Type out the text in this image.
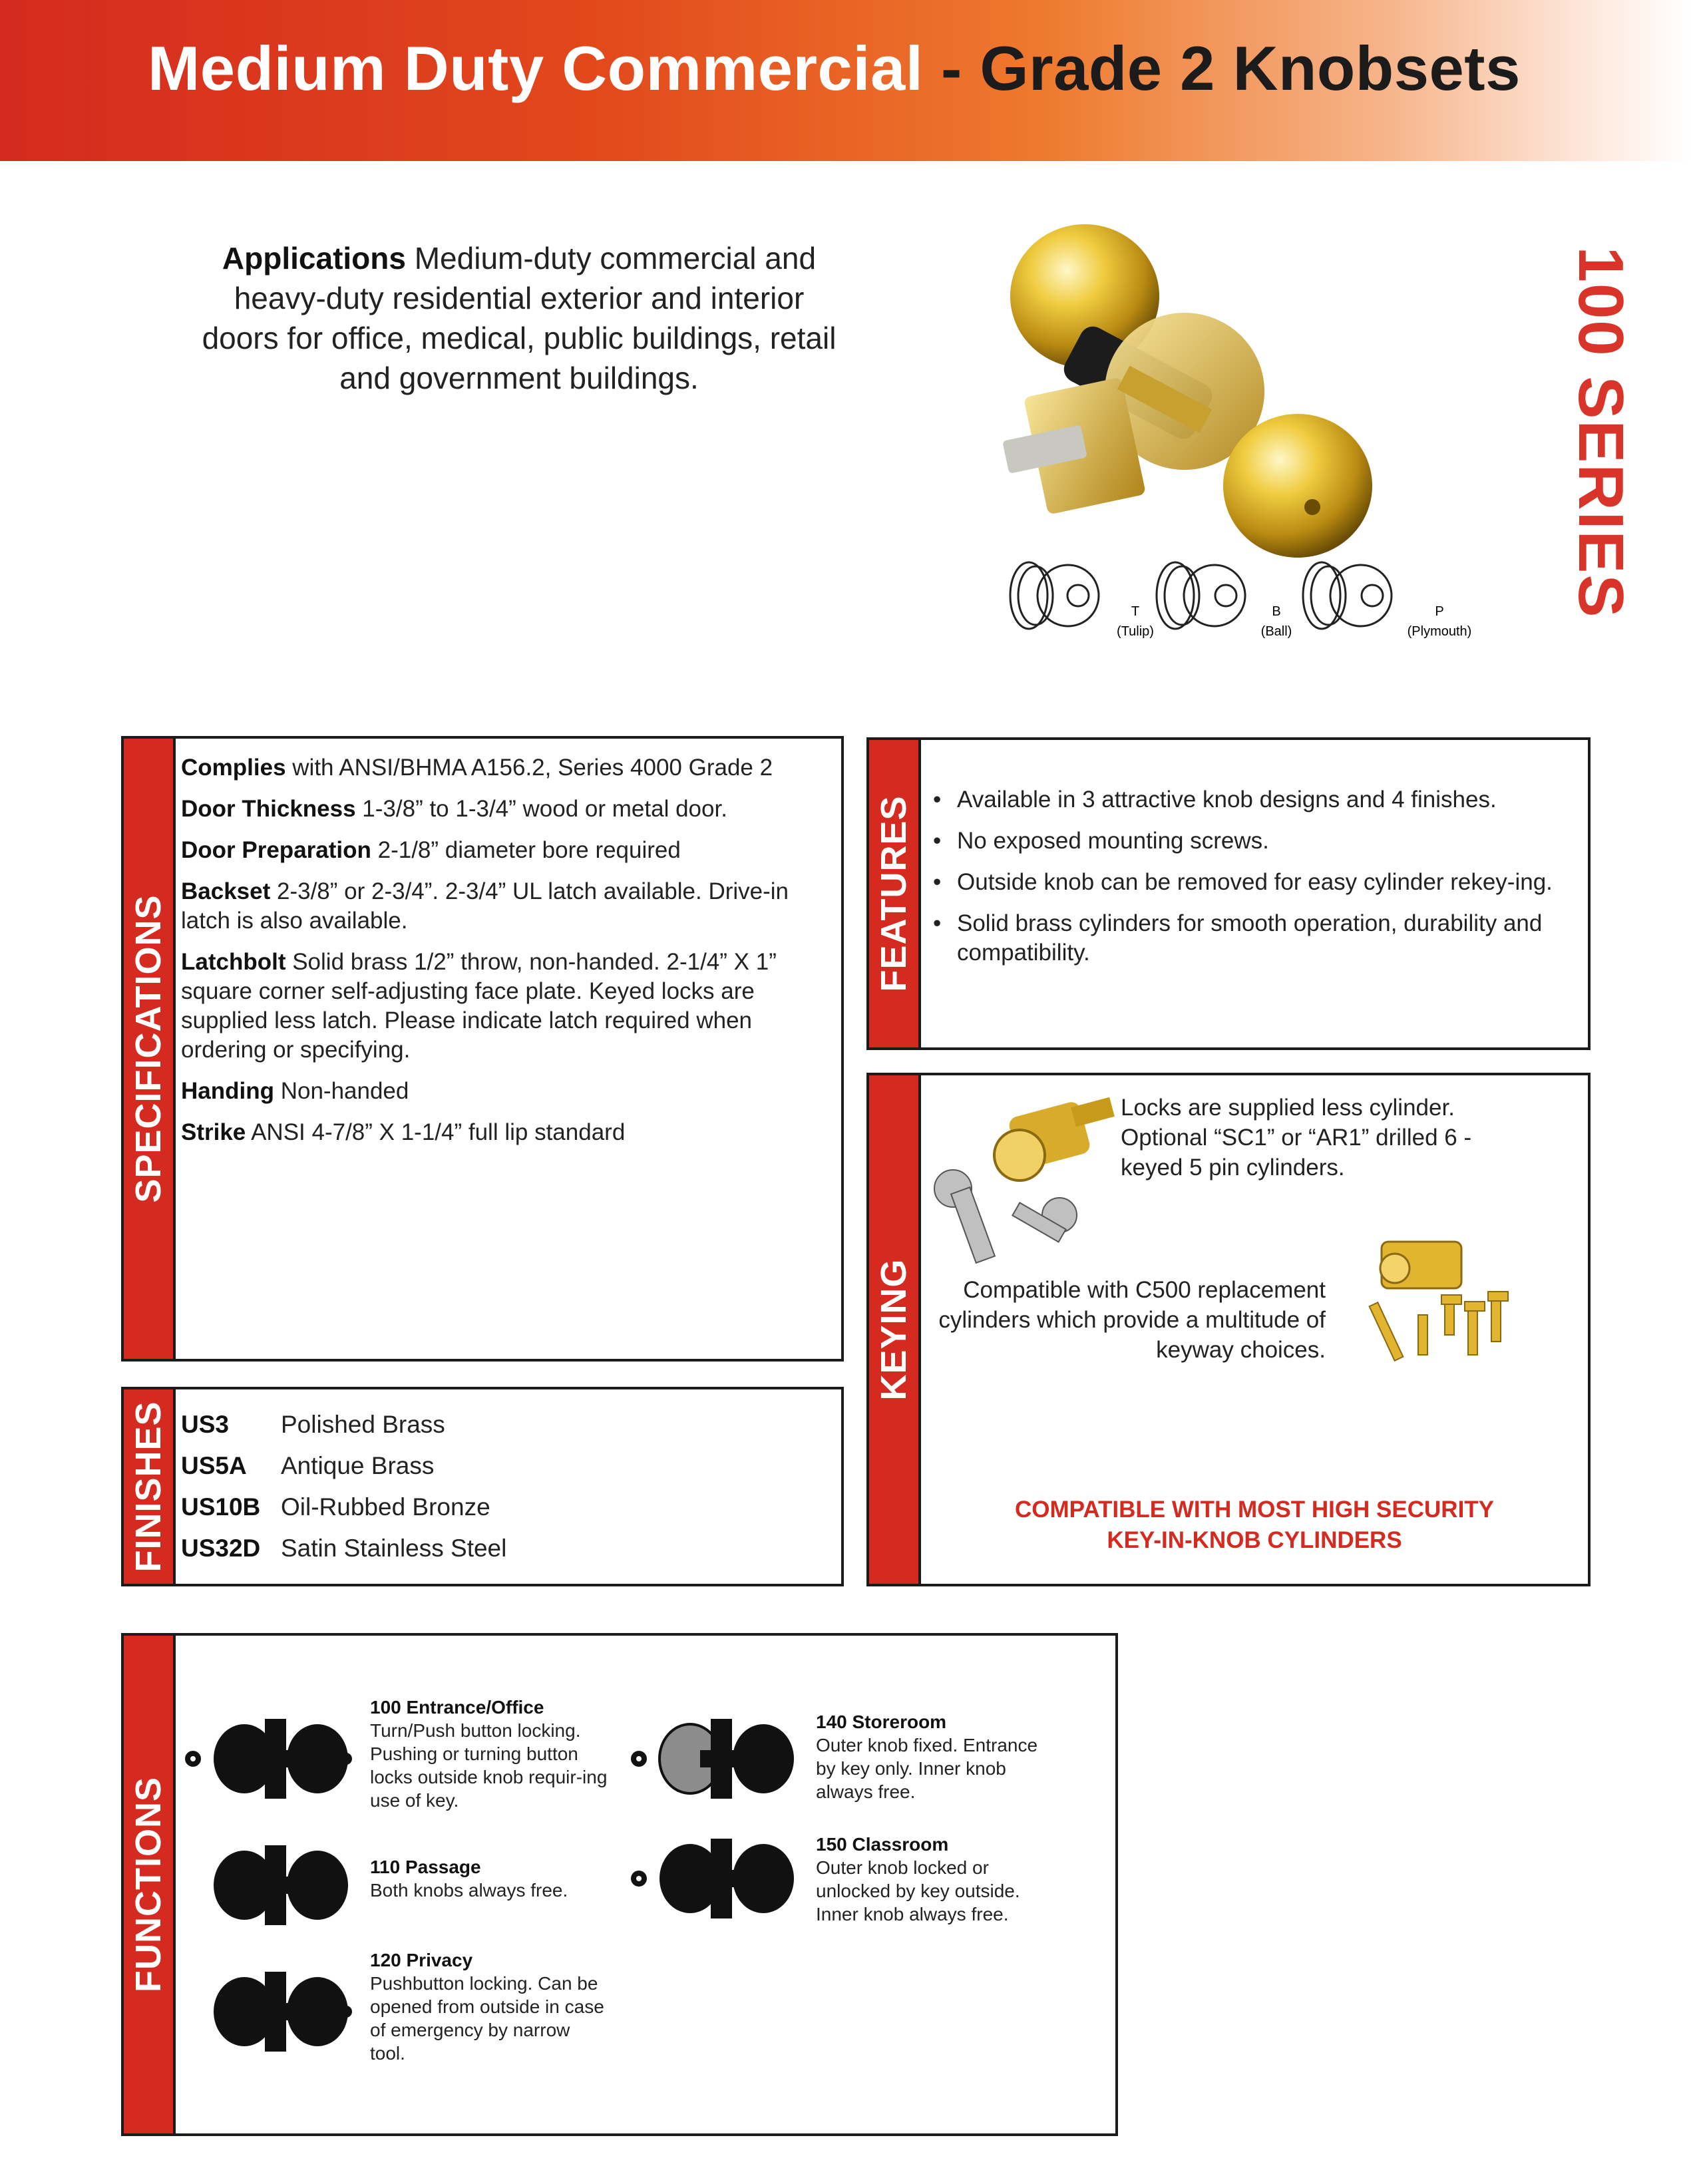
Medium Duty Commercial - Grade 2 Knobsets
100 SERIES
Applications Medium-duty commercial and heavy-duty residential exterior and interior doors for office, medical, public buildings, retail and government buildings.
T
(Tulip)
B
(Ball)
P
(Plymouth)
SPECIFICATIONS

Complies with ANSI/BHMA A156.2, Series 4000 Grade 2

Door Thickness 1-3/8” to 1-3/4” wood or metal door.

Door Preparation 2-1/8” diameter bore required

Backset 2-3/8” or 2-3/4”. 2-3/4” UL latch available. Drive-in latch is also available.

Latchbolt Solid brass 1/2” throw, non-handed. 2-1/4” X 1” square corner self-adjusting face plate. Keyed locks are supplied less latch. Please indicate latch required when ordering or specifying.

Handing Non-handed

Strike ANSI 4-7/8” X 1-1/4” full lip standard

FINISHES US3	Polished Brass
US5A	Antique Brass
US10B Oil-Rubbed Bronze
US32D Satin Stainless Steel
FEATURES
•	Available in 3 attractive knob designs and 4 finishes.
• No exposed mounting screws.
• Outside knob can be removed for easy cylinder rekey-ing.
• Solid brass cylinders for smooth operation, durability and compatibility.
KEYING
Locks are supplied less cylinder. Optional “SC1” or “AR1” drilled 6 - keyed 5 pin cylinders.
Compatible with C500 replacement cylinders which provide a multitude of keyway choices.
COMPATIBLE WITH MOST HIGH SECURITY
KEY-IN-KNOB CYLINDERS
FUNCTIONS
100 Entrance/Office
Turn/Push button locking. Pushing or turning button locks outside knob requir-ing use of key.
110 Passage
Both knobs always free.
120 Privacy
Pushbutton locking. Can be opened from outside in case of emergency by narrow tool.
140 Storeroom
Outer knob fixed. Entrance by key only. Inner knob always free.
150 Classroom
Outer knob locked or unlocked by key outside. Inner knob always free.
